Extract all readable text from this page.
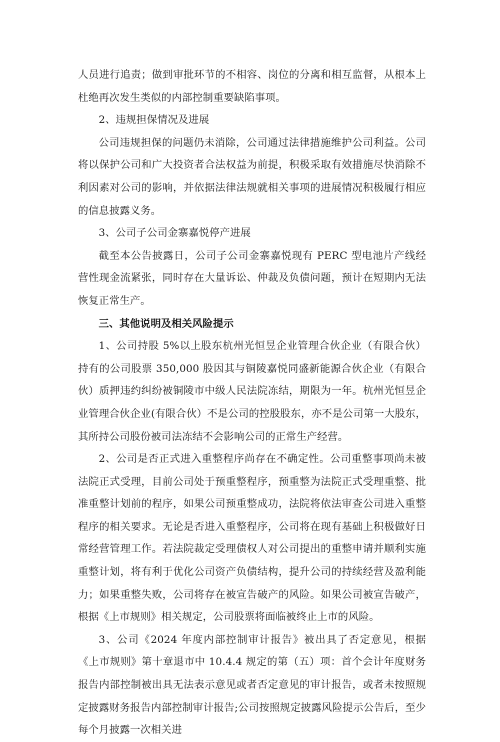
人员进行追责；做到审批环节的不相容、岗位的分离和相互监督，从根本上杜绝再次发生类似的内部控制重要缺陷事项。

2、违规担保情况及进展

公司违规担保的问题仍未消除，公司通过法律措施维护公司利益。公司将以保护公司和广大投资者合法权益为前提，积极采取有效措施尽快消除不利因素对公司的影响，并依据法律法规就相关事项的进展情况积极履行相应的信息披露义务。

3、公司子公司金寨嘉悦停产进展

截至本公告披露日，公司子公司金寨嘉悦现有 PERC 型电池片产线经营性现金流紧张，同时存在大量诉讼、仲裁及负债问题，预计在短期内无法恢复正常生产。

三、其他说明及相关风险提示

1、公司持股 5%以上股东杭州光恒昱企业管理合伙企业（有限合伙）持有的公司股票 350,000 股因其与铜陵嘉悦同盛新能源合伙企业（有限合伙）质押违约纠纷被铜陵市中级人民法院冻结，期限为一年。杭州光恒昱企业管理合伙企业(有限合伙）不是公司的控股股东，亦不是公司第一大股东，其所持公司股份被司法冻结不会影响公司的正常生产经营。

2、公司是否正式进入重整程序尚存在不确定性。公司重整事项尚未被法院正式受理，目前公司处于预重整程序，预重整为法院正式受理重整、批准重整计划前的程序，如果公司预重整成功，法院将依法审查公司进入重整程序的相关要求。无论是否进入重整程序，公司将在现有基础上积极做好日常经营管理工作。若法院裁定受理债权人对公司提出的重整申请并顺利实施重整计划，将有利于优化公司资产负债结构，提升公司的持续经营及盈利能力；如果重整失败，公司将存在被宣告破产的风险。如果公司被宣告破产，根据《上市规则》相关规定，公司股票将面临被终止上市的风险。

3、公司《2024 年度内部控制审计报告》被出具了否定意见，根据《上市规则》第十章退市中 10.4.4 规定的第（五）项：首个会计年度财务报告内部控制被出具无法表示意见或者否定意见的审计报告，或者未按照规定披露财务报告内部控制审计报告;公司按照规定披露风险提示公告后，至少每个月披露一次相关进
